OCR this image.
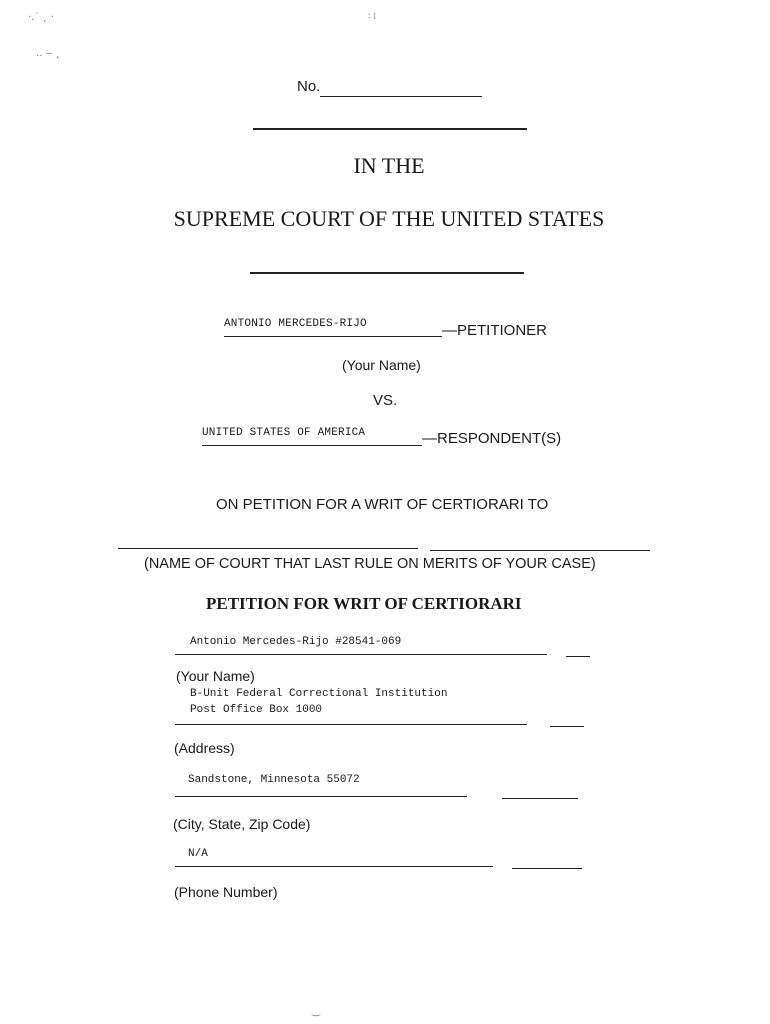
·.˙ ˛ ·
‥ ‒ ˛
∶ ⁞
‿
No.
IN THE
SUPREME COURT OF THE UNITED STATES
ANTONIO MERCEDES-RIJO	—PETITIONER
(Your Name)
VS.
UNITED STATES OF AMERICA	—RESPONDENT(S)
ON PETITION FOR A WRIT OF CERTIORARI TO
(NAME OF COURT THAT LAST RULE ON MERITS OF YOUR CASE)
PETITION FOR WRIT OF CERTIORARI
Antonio Mercedes-Rijo #28541-069
(Your Name)
B-Unit Federal Correctional Institution
Post Office Box 1000
(Address)
Sandstone, Minnesota 55072
(City, State, Zip Code)
N/A
(Phone Number)
